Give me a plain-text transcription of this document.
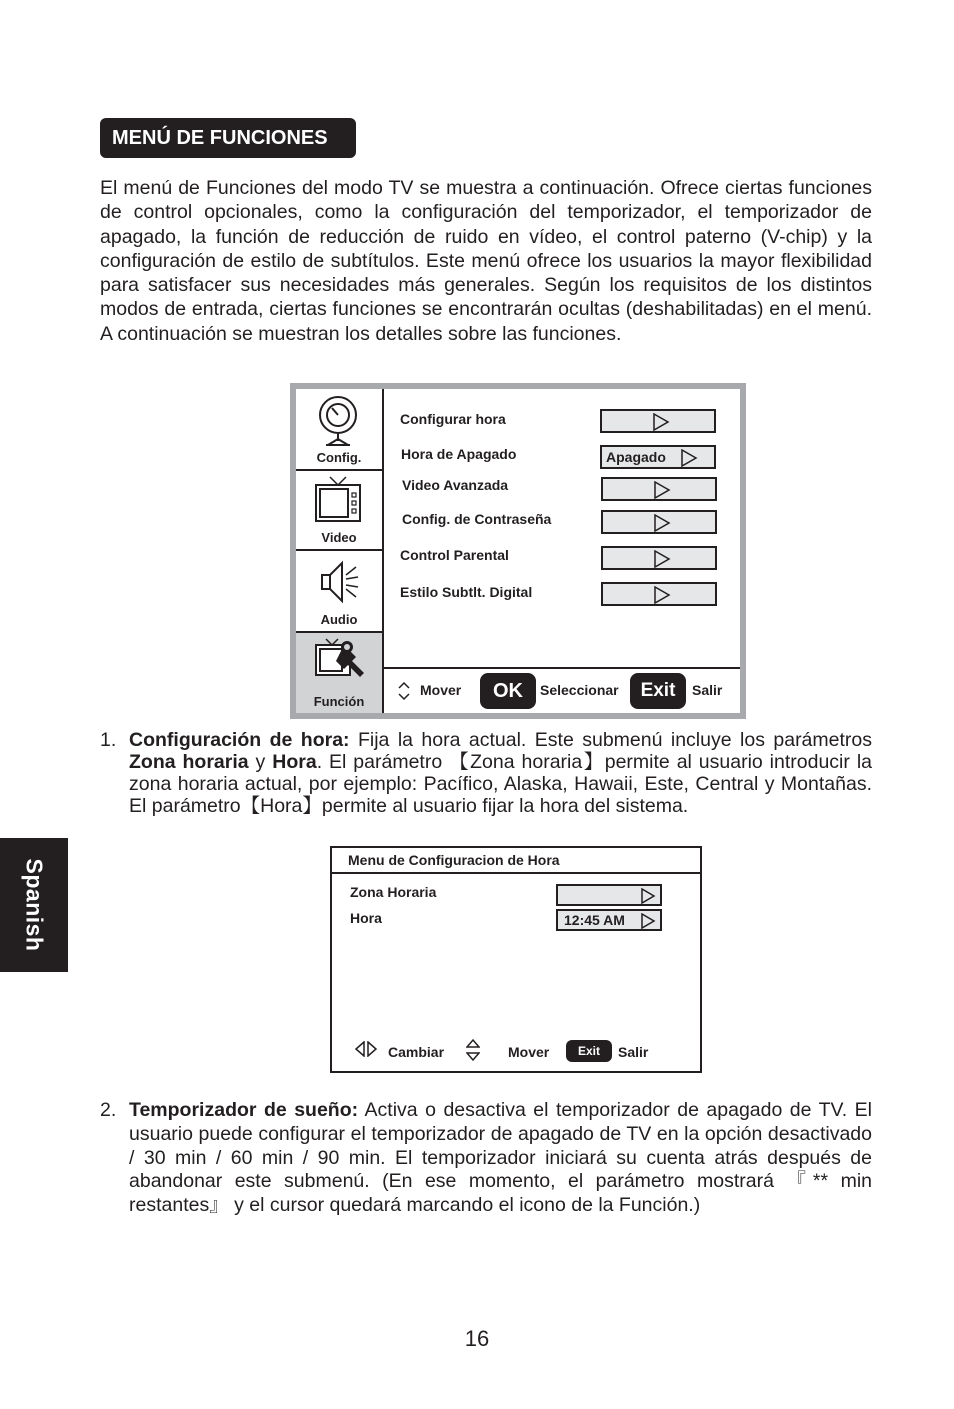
MENÚ DE FUNCIONES
El menú de Funciones del modo TV se muestra a continuación. Ofrece ciertas funciones de control opcionales, como la configuración del temporizador, el temporizador de apagado, la función de reducción de ruido en vídeo, el control paterno (V-chip) y la configuración de estilo de subtítulos. Este menú ofrece los usuarios la mayor flexibilidad para satisfacer sus necesidades más generales. Según los requisitos de los distintos modos de entrada, ciertas funciones se encontrarán ocultas (deshabilitadas) en el menú. A continuación se muestran los detalles sobre las funciones.
Spanish
Config.
Video
Audio
Función
Configurar hora
Hora de Apagado	Apagado
Video Avanzada
Config. de Contraseña
Control Parental
Estilo Subtlt. Digital
Mover	OK	Seleccionar	Exit	Salir
1. Configuración de hora: Fija la hora actual. Este submenú incluye los parámetros Zona horaria y Hora. El parámetro 【Zona horaria】permite al usuario introducir la zona horaria actual, por ejemplo: Pacífico, Alaska, Hawaii, Este, Central y Montañas. El parámetro【Hora】permite al usuario fijar la hora del sistema.
Menu de Configuracion de Hora
Zona Horaria
Hora	12:45 AM
Cambiar	Mover	Exit	Salir
2. Temporizador de sueño: Activa o desactiva el temporizador de apagado de TV. El usuario puede configurar el temporizador de apagado de TV en la opción desactivado / 30 min / 60 min / 90 min. El temporizador iniciará su cuenta atrás después de abandonar este submenú. (En ese momento, el parámetro mostrará 『** min restantes』 y el cursor quedará marcando el icono de la Función.)
16
